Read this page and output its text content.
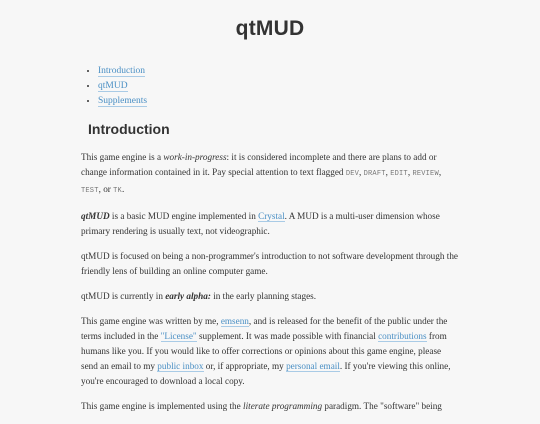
qtMUD
• Introduction
• qtMUD
• Supplements
Introduction

This game engine is a work-in-progress: it is considered incomplete and there are plans to add or change information contained in it. Pay special attention to text flagged DEV, DRAFT, EDIT, REVIEW, TEST, or TK.

qtMUD is a basic MUD engine implemented in Crystal. A MUD is a multi-user dimension whose primary rendering is usually text, not videographic.

qtMUD is focused on being a non-programmer's introduction to not software development through the friendly lens of building an online computer game.

qtMUD is currently in early alpha: in the early planning stages.

This game engine was written by me, emsenn, and is released for the benefit of the public under the terms included in the "License" supplement. It was made possible with financial contributions from humans like you. If you would like to offer corrections or opinions about this game engine, please send an email to my public inbox or, if appropriate, my personal email. If you're viewing this online, you're encouraged to download a local copy.

This game engine is implemented using the literate programming paradigm. The "software" being
